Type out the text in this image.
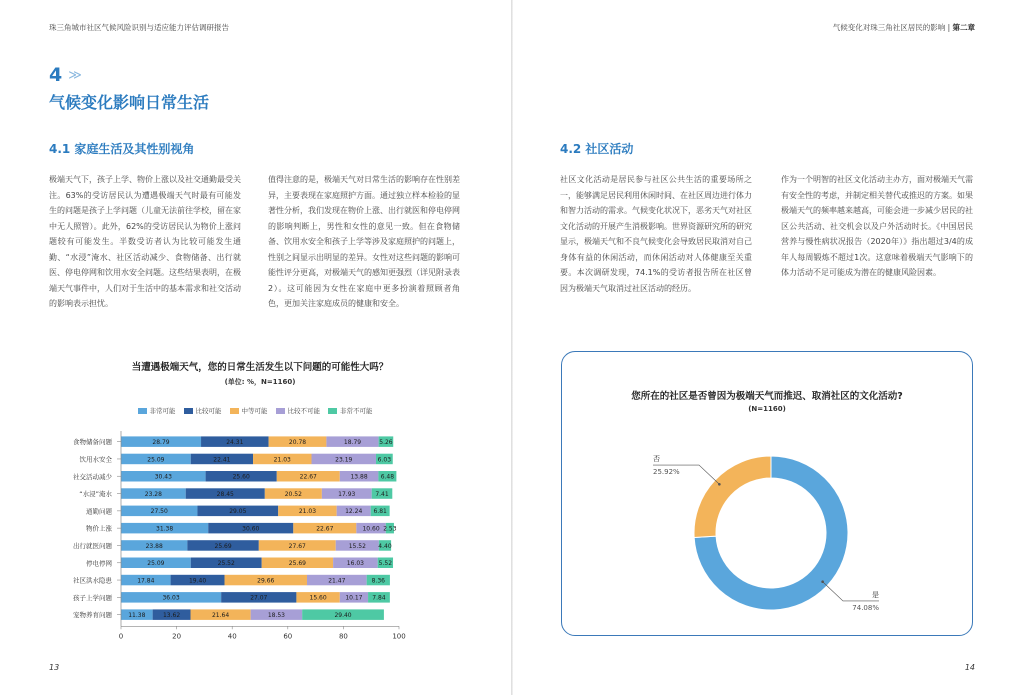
珠三角城市社区气候风险识别与适应能力评估调研报告
4 ≫
气候变化影响日常生活
4.1 家庭生活及其性别视角

极端天气下，孩子上学、物价上涨以及社交通勤最受关注。63%的受访居民认为遭遇极端天气时最有可能发生的问题是孩子上学问题（儿童无法前往学校，留在家中无人照管）。此外，62%的受访居民认为物价上涨问题较有可能发生。半数受访者认为比较可能发生通勤、“水浸”淹水、社区活动减少、食物储备、出行就医、停电停网和饮用水安全问题。这些结果表明，在极端天气事件中，人们对于生活中的基本需求和社交活动的影响表示担忧。

值得注意的是，极端天气对日常生活的影响存在性别差异，主要表现在家庭照护方面。通过独立样本检验的显著性分析，我们发现在物价上涨、出行就医和停电停网的影响判断上，男性和女性的意见一致。但在食物储备、饮用水安全和孩子上学等涉及家庭照护的问题上，性别之间显示出明显的差异。女性对这些问题的影响可能性评分更高，对极端天气的感知更强烈（详见附录表2）。这可能因为女性在家庭中更多扮演着照顾者角色，更加关注家庭成员的健康和安全。

当遭遇极端天气，您的日常生活发生以下问题的可能性大吗？
(单位: %，N=1160)
非常可能	比较可能	中等可能	比较不可能	非常不可能
食物储备问题	28.79	24.31	20.78	18.79	5.26
饮用水安全	25.09	22.41	21.03	23.19	6.03
社交活动减少	30.43	25.60	22.67	13.88 6.48
“水浸”淹水	23.28	28.45	20.52	17.93	7.41
通勤问题	27.50	29.05	21.03	12.24 6.81
物价上涨	31.38	30.60	22.67	10.60 2.53
出行就医问题	23.88	25.69	27.67	15.52 4.40
停电停网	25.09	25.52	25.69	16.03 5.52
社区洪水隐患	17.84	19.40	29.66	21.47	8.36
孩子上学问题	36.03	27.07	15.60	10.17 7.84
宠物养育问题	11.38	13.62	21.64	18.53	29.40
0	20	40	60	80	100
13
气候变化对珠三角社区居民的影响 | 第二章
4.2 社区活动

社区文化活动是居民参与社区公共生活的重要场所之一，能够满足居民利用休闲时间、在社区周边进行体力和智力活动的需求。气候变化状况下，恶劣天气对社区文化活动的开展产生消极影响。世界资源研究所的研究显示，极端天气和不良气候变化会导致居民取消对自己身体有益的休闲活动，而休闲活动对人体健康至关重要。本次调研发现，74.1%的受访者报告所在社区曾因为极端天气取消过社区活动的经历。

作为一个明智的社区文化活动主办方，面对极端天气需有安全性的考虑，并制定相关替代或推迟的方案。如果极端天气的频率越来越高，可能会进一步减少居民的社区公共活动、社交机会以及户外活动时长。《中国居民营养与慢性病状况报告（2020年）》指出超过3/4的成年人每周锻炼不超过1次。这意味着极端天气影响下的体力活动不足可能成为潜在的健康风险因素。

您所在的社区是否曾因为极端天气而推迟、取消社区的文化活动?
(N=1160)
是
74.08%
否
25.92%
14
